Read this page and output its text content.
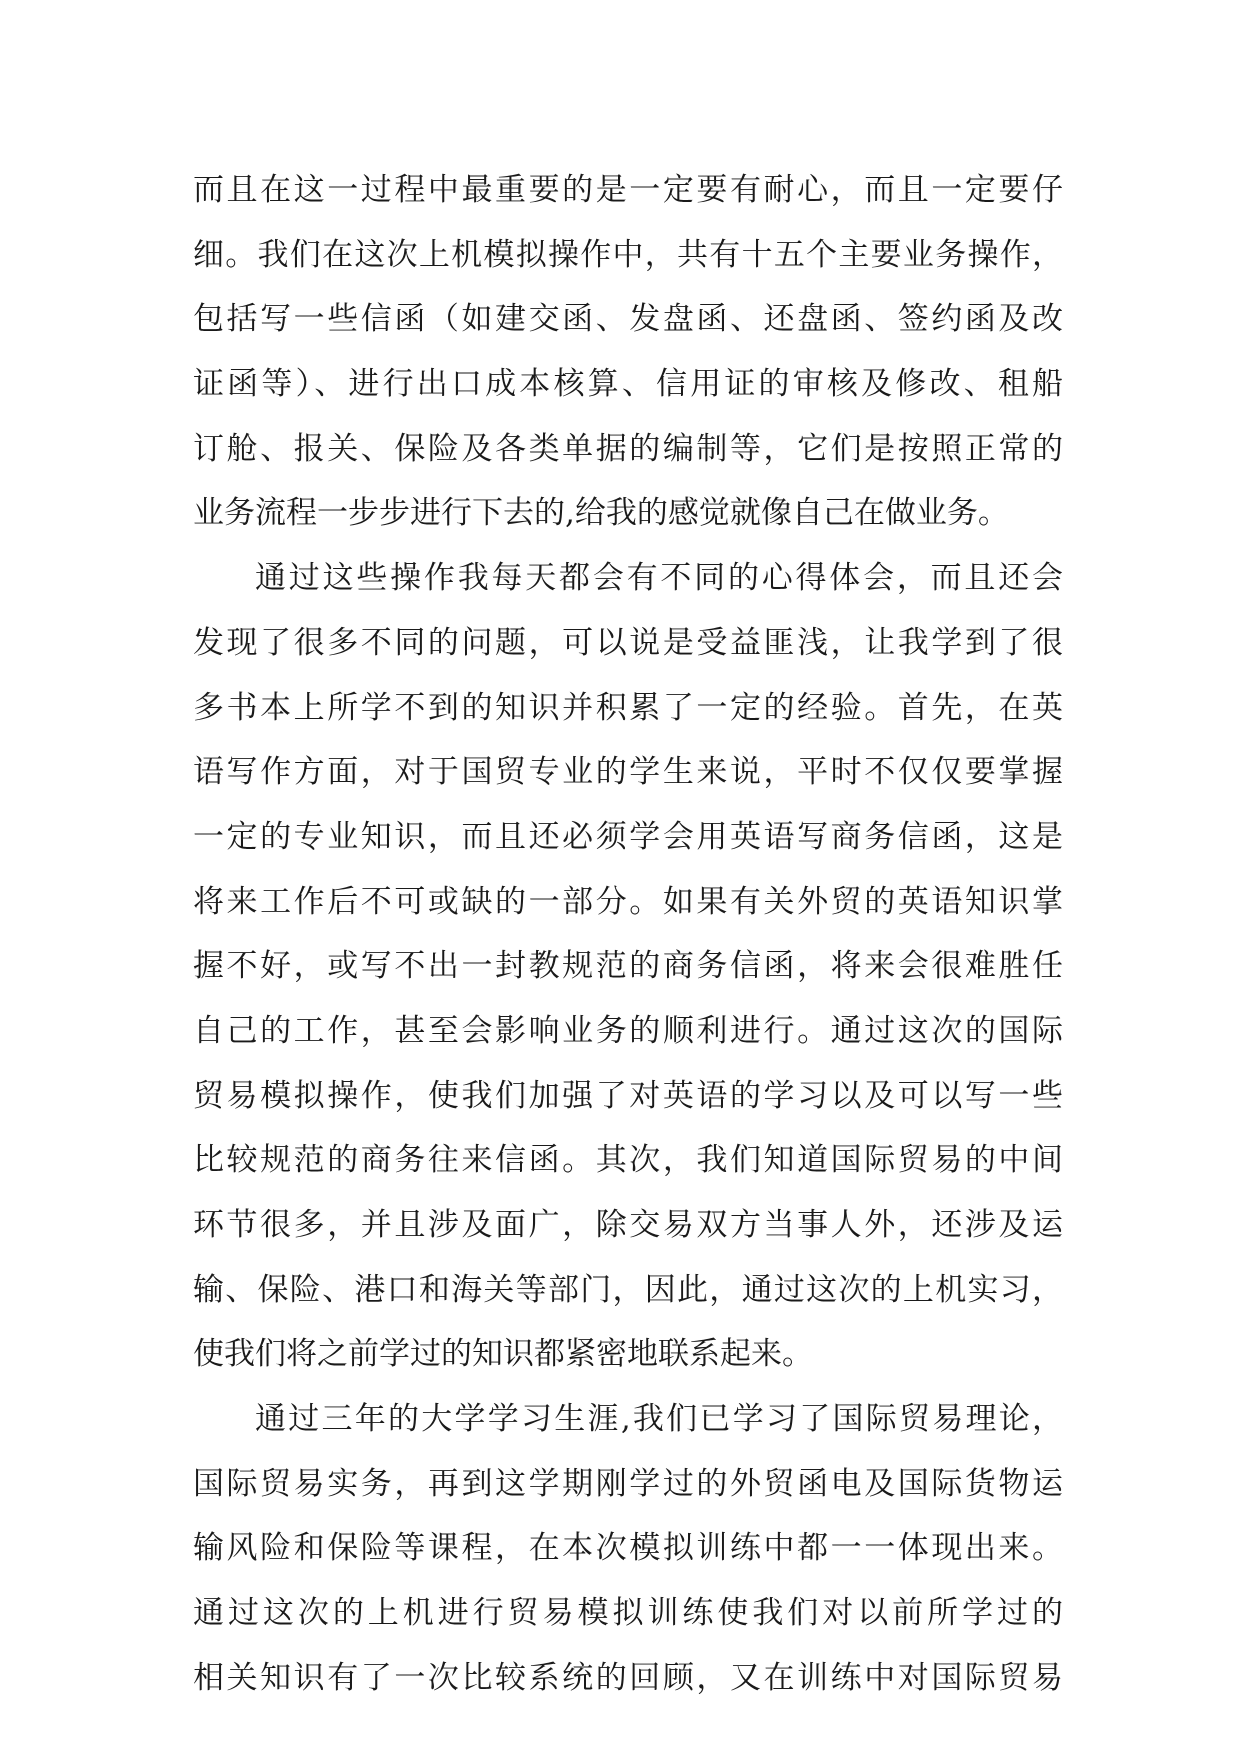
而且在这一过程中最重要的是一定要有耐心，而且一定要仔
细。我们在这次上机模拟操作中，共有十五个主要业务操作，
包括写一些信函（如建交函、发盘函、还盘函、签约函及改
证函等）、进行出口成本核算、信用证的审核及修改、租船
订舱、报关、保险及各类单据的编制等，它们是按照正常的
业务流程一步步进行下去的,给我的感觉就像自己在做业务。
通过这些操作我每天都会有不同的心得体会，而且还会
发现了很多不同的问题，可以说是受益匪浅，让我学到了很
多书本上所学不到的知识并积累了一定的经验。首先，在英
语写作方面，对于国贸专业的学生来说，平时不仅仅要掌握
一定的专业知识，而且还必须学会用英语写商务信函，这是
将来工作后不可或缺的一部分。如果有关外贸的英语知识掌
握不好，或写不出一封教规范的商务信函，将来会很难胜任
自己的工作，甚至会影响业务的顺利进行。通过这次的国际
贸易模拟操作，使我们加强了对英语的学习以及可以写一些
比较规范的商务往来信函。其次，我们知道国际贸易的中间
环节很多，并且涉及面广，除交易双方当事人外，还涉及运
输、保险、港口和海关等部门，因此，通过这次的上机实习，
使我们将之前学过的知识都紧密地联系起来。
通过三年的大学学习生涯,我们已学习了国际贸易理论，
国际贸易实务，再到这学期刚学过的外贸函电及国际货物运
输风险和保险等课程，在本次模拟训练中都一一体现出来。
通过这次的上机进行贸易模拟训练使我们对以前所学过的
相关知识有了一次比较系统的回顾，又在训练中对国际贸易
